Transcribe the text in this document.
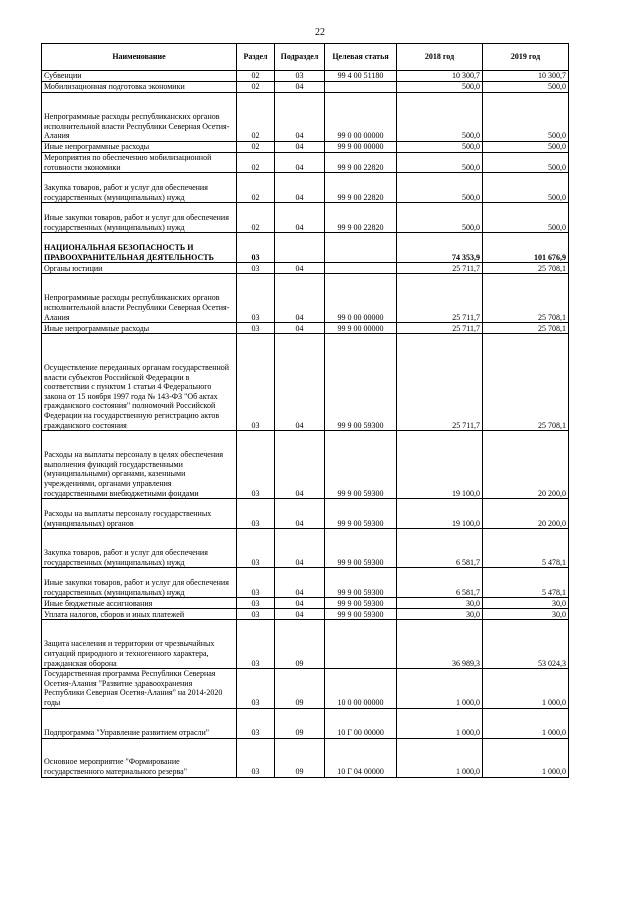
22
Наименование	Раздел	Подраздел	Целевая статья	2018 год	2019 год
Субвенции	02	03	99 4 00 51180	10 300,7	10 300,7
Мобилизационная подготовка экономики	02	04		500,0	500,0
Непрограммные расходы республиканских органов исполнительной власти Республики Северная Осетия-Алания	02	04	99 0 00 00000	500,0	500,0
Иные непрограммные расходы	02	04	99 9 00 00000	500,0	500,0
Мероприятия по обеспечению мобилизационной готовности экономики	02	04	99 9 00 22820	500,0	500,0
Закупка товаров, работ и услуг для обеспечения государственных (муниципальных) нужд	02	04	99 9 00 22820	500,0	500,0
Иные закупки товаров, работ и услуг для обеспечения государственных (муниципальных) нужд	02	04	99 9 00 22820	500,0	500,0
НАЦИОНАЛЬНАЯ БЕЗОПАСНОСТЬ И ПРАВООХРАНИТЕЛЬНАЯ ДЕЯТЕЛЬНОСТЬ	03			74 353,9	101 676,9
Органы юстиции	03	04		25 711,7	25 708,1
Непрограммные расходы республиканских органов исполнительной власти Республики Северная Осетия-Алания	03	04	99 0 00 00000	25 711,7	25 708,1
Иные непрограммные расходы	03	04	99 9 00 00000	25 711,7	25 708,1
Осуществление переданных органам государственной власти субъектов Российской Федерации в соответствии с пунктом 1 статьи 4 Федерального закона от 15 ноября 1997 года № 143-ФЗ "Об актах гражданского состояния" полномочий Российской Федерации на государственную регистрацию актов гражданского состояния	03	04	99 9 00 59300	25 711,7	25 708,1
Расходы на выплаты персоналу в целях обеспечения выполнения функций государственными (муниципальными) органами, казенными учреждениями, органами управления государственными внебюджетными фондами	03	04	99 9 00 59300	19 100,0	20 200,0
Расходы на выплаты персоналу государственных (муниципальных) органов	03	04	99 9 00 59300	19 100,0	20 200,0
Закупка товаров, работ и услуг для обеспечения государственных (муниципальных) нужд	03	04	99 9 00 59300	6 581,7	5 478,1
Иные закупки товаров, работ и услуг для обеспечения государственных (муниципальных) нужд	03	04	99 9 00 59300	6 581,7	5 478,1
Иные бюджетные ассигнования	03	04	99 9 00 59300	30,0	30,0
Уплата налогов, сборов и иных платежей	03	04	99 9 00 59300	30,0	30,0
Защита населения и территории от чрезвычайных ситуаций природного и техногенного характера, гражданская оборона	03	09		36 989,3	53 024,3
Государственная программа Республики Северная Осетия-Алания "Развитие здравоохранения Республики Северная Осетия-Алания" на 2014-2020 годы	03	09	10 0 00 00000	1 000,0	1 000,0
Подпрограмма "Управление развитием отрасли"	03	09	10 Г 00 00000	1 000,0	1 000,0
Основное мероприятие "Формирование государственного материального резерва"	03	09	10 Г 04 00000	1 000,0	1 000,0
